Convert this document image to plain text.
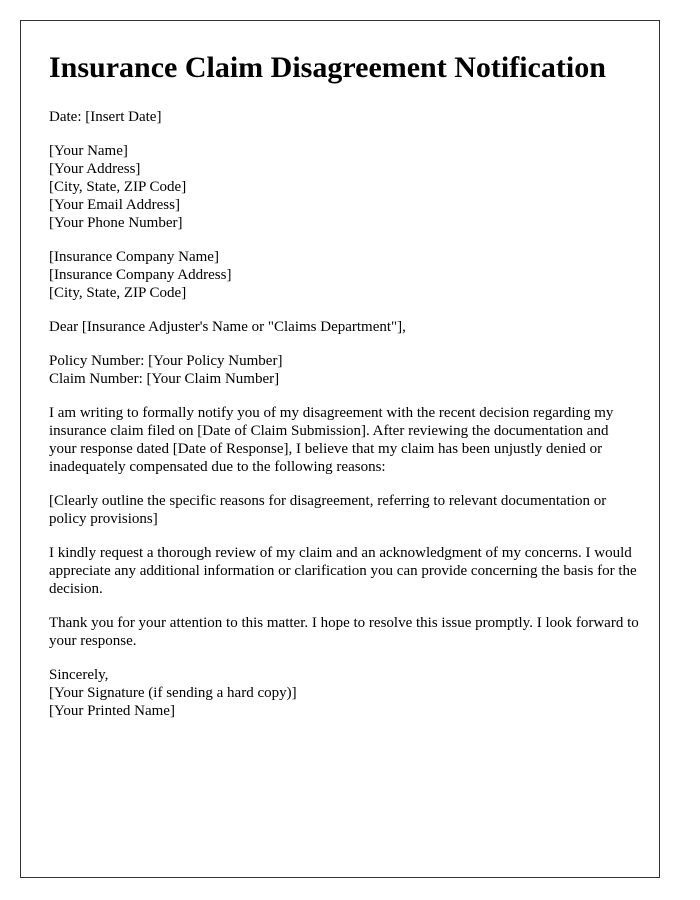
Insurance Claim Disagreement Notification
Date: [Insert Date]
[Your Name]
[Your Address]
[City, State, ZIP Code]
[Your Email Address]
[Your Phone Number]
[Insurance Company Name]
[Insurance Company Address]
[City, State, ZIP Code]
Dear [Insurance Adjuster's Name or "Claims Department"],
Policy Number: [Your Policy Number]
Claim Number: [Your Claim Number]

I am writing to formally notify you of my disagreement with the recent decision regarding my insurance claim filed on [Date of Claim Submission]. After reviewing the documentation and your response dated [Date of Response], I believe that my claim has been unjustly denied or inadequately compensated due to the following reasons:

[Clearly outline the specific reasons for disagreement, referring to relevant documentation or policy provisions]

I kindly request a thorough review of my claim and an acknowledgment of my concerns. I would appreciate any additional information or clarification you can provide concerning the basis for the decision.

Thank you for your attention to this matter. I hope to resolve this issue promptly. I look forward to your response.

Sincerely,
[Your Signature (if sending a hard copy)]
[Your Printed Name]
